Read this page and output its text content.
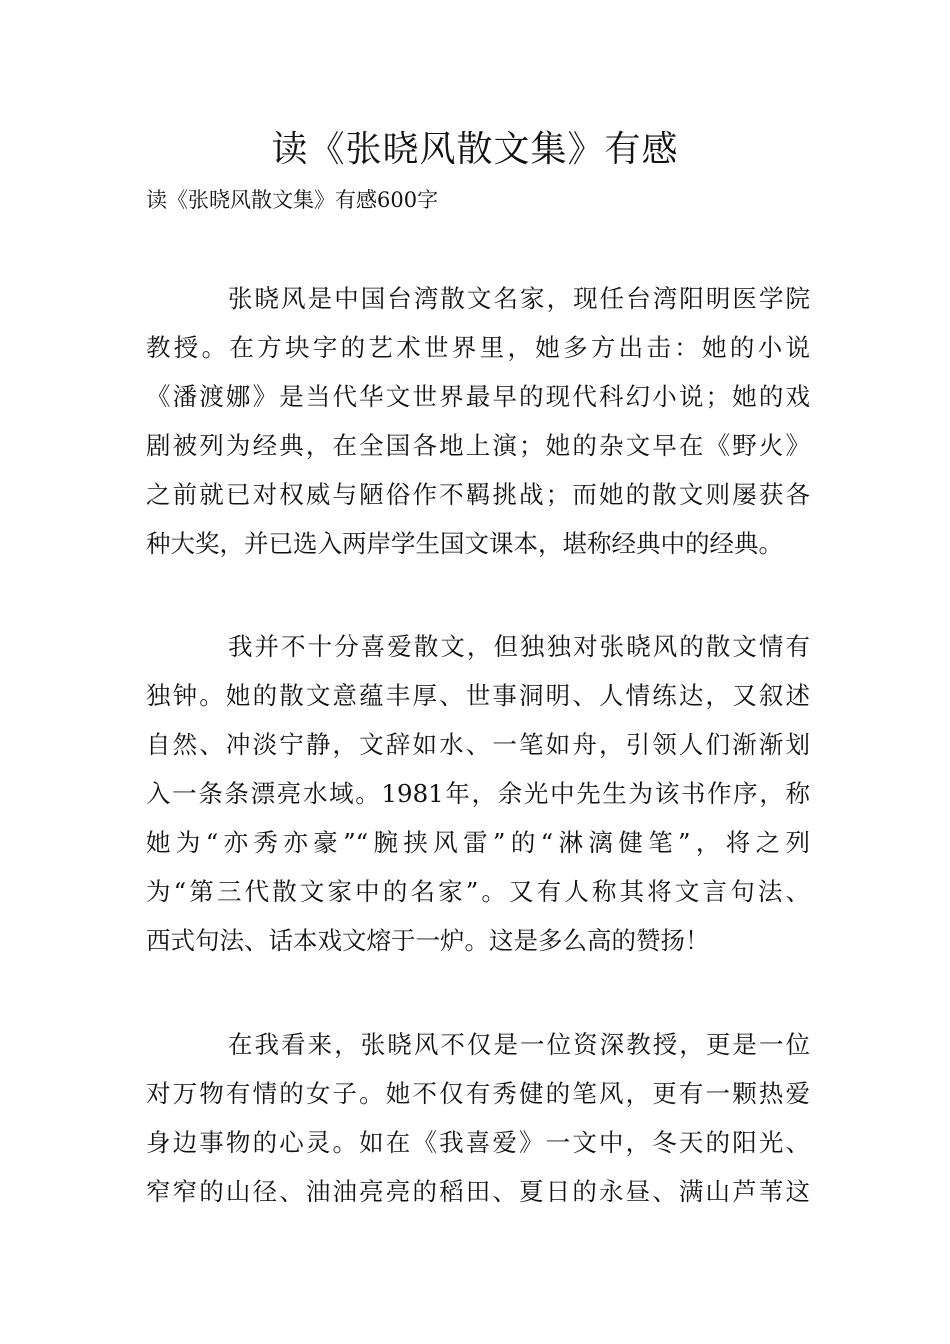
读《张晓风散文集》有感

读《张晓风散文集》有感600字

张晓风是中国台湾散文名家，现任台湾阳明医学院
教授。在方块字的艺术世界里，她多方出击：她的小说
《潘渡娜》是当代华文世界最早的现代科幻小说；她的戏
剧被列为经典，在全国各地上演；她的杂文早在《野火》
之前就已对权威与陋俗作不羁挑战；而她的散文则屡获各
种大奖，并已选入两岸学生国文课本，堪称经典中的经典。
我并不十分喜爱散文，但独独对张晓风的散文情有
独钟。她的散文意蕴丰厚、世事洞明、人情练达，又叙述
自然、冲淡宁静，文辞如水、一笔如舟，引领人们渐渐划
入一条条漂亮水域。1981年，余光中先生为该书作序，称
她为“亦秀亦豪”“腕挟风雷”的“淋漓健笔”，将之列
为“第三代散文家中的名家”。又有人称其将文言句法、
西式句法、话本戏文熔于一炉。这是多么高的赞扬！
在我看来，张晓风不仅是一位资深教授，更是一位
对万物有情的女子。她不仅有秀健的笔风，更有一颗热爱
身边事物的心灵。如在《我喜爱》一文中，冬天的阳光、
窄窄的山径、油油亮亮的稻田、夏日的永昼、满山芦苇这
